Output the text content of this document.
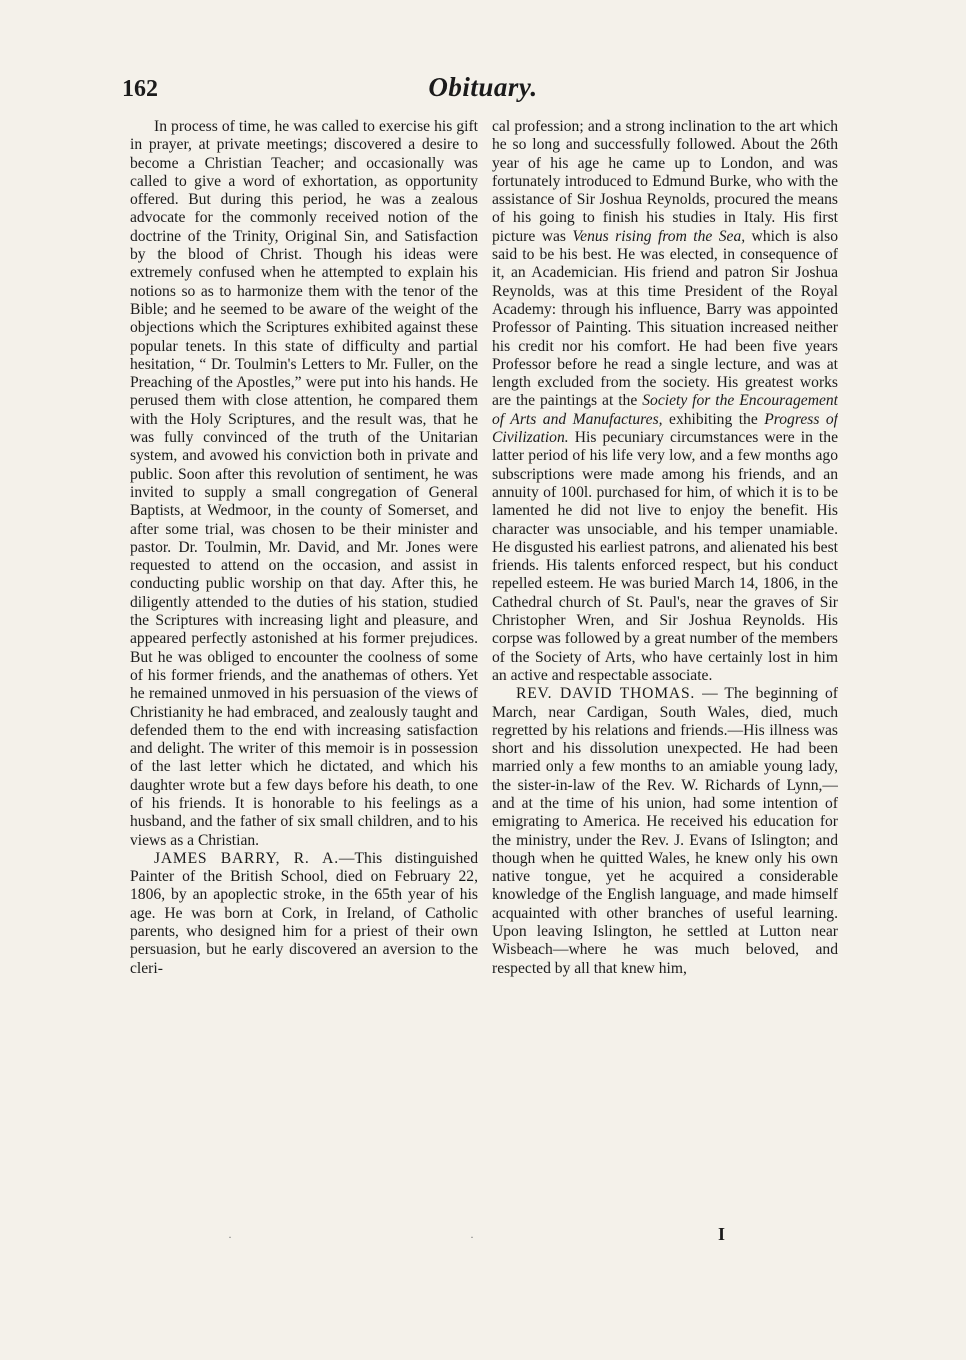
162	Obituary.

In process of time, he was called to exercise his gift in prayer, at private meetings; discovered a desire to become a Christian Teacher; and occasionally was called to give a word of exhortation, as opportunity offered. But during this period, he was a zealous advocate for the commonly received notion of the doctrine of the Trinity, Original Sin, and Satisfaction by the blood of Christ. Though his ideas were extremely confused when he attempted to explain his notions so as to harmonize them with the tenor of the Bible; and he seemed to be aware of the weight of the objections which the Scriptures exhibited against these popular tenets. In this state of difficulty and partial hesitation, “ Dr. Toulmin's Letters to Mr. Fuller, on the Preaching of the Apostles,” were put into his hands. He perused them with close attention, he compared them with the Holy Scriptures, and the result was, that he was fully convinced of the truth of the Unitarian system, and avowed his conviction both in private and public. Soon after this revolution of sentiment, he was invited to supply a small congregation of General Baptists, at Wedmoor, in the county of Somerset, and after some trial, was chosen to be their minister and pastor. Dr. Toulmin, Mr. David, and Mr. Jones were requested to attend on the occasion, and assist in conducting public worship on that day. After this, he diligently attended to the duties of his station, studied the Scriptures with increasing light and pleasure, and appeared perfectly astonished at his former prejudices. But he was obliged to encounter the coolness of some of his former friends, and the anathemas of others. Yet he remained unmoved in his persuasion of the views of Christianity he had embraced, and zealously taught and defended them to the end with increasing satisfaction and delight. The writer of this memoir is in possession of the last letter which he dictated, and which his daughter wrote but a few days before his death, to one of his friends. It is honorable to his feelings as a husband, and the father of six small children, and to his views as a Christian.

JAMES BARRY, R. A.—This distinguished Painter of the British School, died on February 22, 1806, by an apoplectic stroke, in the 65th year of his age. He was born at Cork, in Ireland, of Catholic parents, who designed him for a priest of their own persuasion, but he early discovered an aversion to the cleri-

cal profession; and a strong inclination to the art which he so long and successfully followed. About the 26th year of his age he came up to London, and was fortunately introduced to Edmund Burke, who with the assistance of Sir Joshua Reynolds, procured the means of his going to finish his studies in Italy. His first picture was Venus rising from the Sea, which is also said to be his best. He was elected, in consequence of it, an Academician. His friend and patron Sir Joshua Reynolds, was at this time President of the Royal Academy: through his influence, Barry was appointed Professor of Painting. This situation increased neither his credit nor his comfort. He had been five years Professor before he read a single lecture, and was at length excluded from the society. His greatest works are the paintings at the Society for the Encouragement of Arts and Manufactures, exhibiting the Progress of Civilization. His pecuniary circumstances were in the latter period of his life very low, and a few months ago subscriptions were made among his friends, and an annuity of 100l. purchased for him, of which it is to be lamented he did not live to enjoy the benefit. His character was unsociable, and his temper unamiable. He disgusted his earliest patrons, and alienated his best friends. His talents enforced respect, but his conduct repelled esteem. He was buried March 14, 1806, in the Cathedral church of St. Paul's, near the graves of Sir Christopher Wren, and Sir Joshua Reynolds. His corpse was followed by a great number of the members of the Society of Arts, who have certainly lost in him an active and respectable associate.

REV. DAVID THOMAS. — The beginning of March, near Cardigan, South Wales, died, much regretted by his relations and friends.—His illness was short and his dissolution unexpected. He had been married only a few months to an amiable young lady, the sister-in-law of the Rev. W. Richards of Lynn,—and at the time of his union, had some intention of emigrating to America. He received his education for the ministry, under the Rev. J. Evans of Islington; and though when he quitted Wales, he knew only his own native tongue, yet he acquired a considerable knowledge of the English language, and made himself acquainted with other branches of useful learning. Upon leaving Islington, he settled at Lutton near Wisbeach—where he was much beloved, and respected by all that knew him,

·	·	I
